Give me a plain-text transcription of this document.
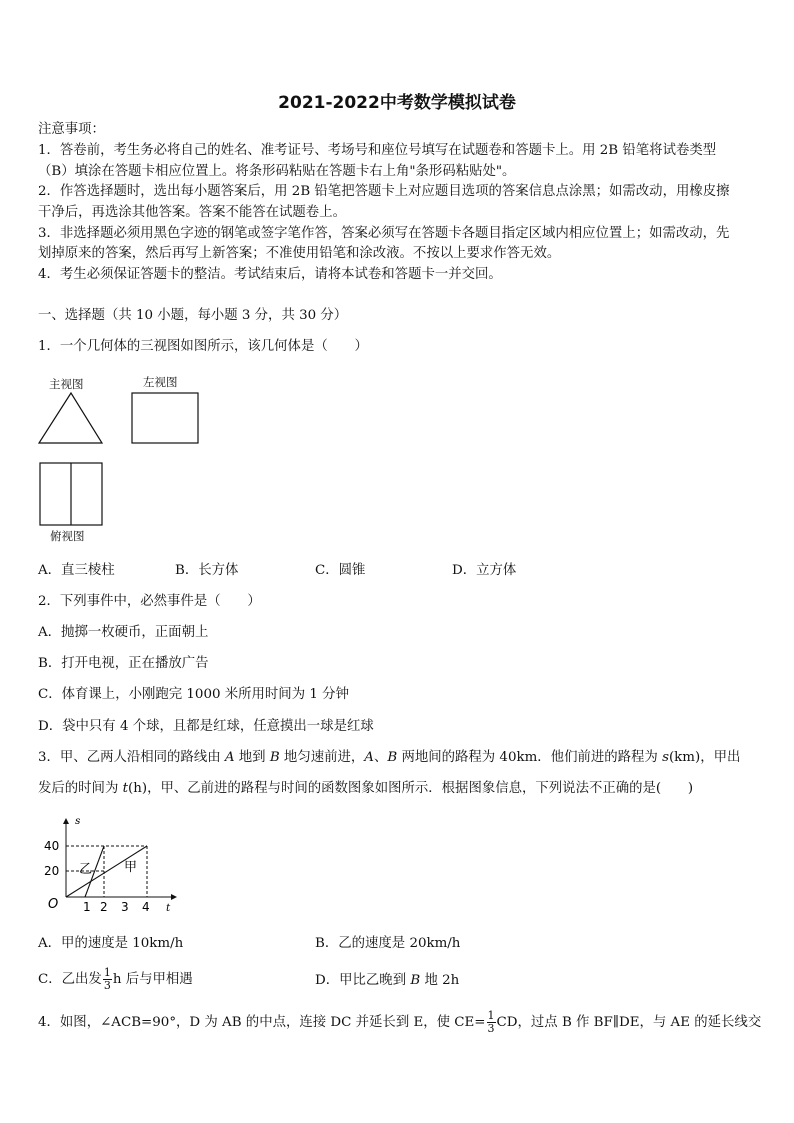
2021-2022中考数学模拟试卷
注意事项：
1．答卷前，考生务必将自己的姓名、准考证号、考场号和座位号填写在试题卷和答题卡上。用 2B 铅笔将试卷类型
（B）填涂在答题卡相应位置上。将条形码粘贴在答题卡右上角"条形码粘贴处"。
2．作答选择题时，选出每小题答案后，用 2B 铅笔把答题卡上对应题目选项的答案信息点涂黑；如需改动，用橡皮擦
干净后，再选涂其他答案。答案不能答在试题卷上。
3．非选择题必须用黑色字迹的钢笔或签字笔作答，答案必须写在答题卡各题目指定区域内相应位置上；如需改动，先
划掉原来的答案，然后再写上新答案；不准使用铅笔和涂改液。不按以上要求作答无效。
4．考生必须保证答题卡的整洁。考试结束后，请将本试卷和答题卡一并交回。
一、选择题（共 10 小题，每小题 3 分，共 30 分）
1．一个几何体的三视图如图所示，该几何体是（　　）
主视图	左视图
俯视图
A．直三棱柱	B．长方体	C．圆锥	D．立方体
2．下列事件中，必然事件是（　　）
A．抛掷一枚硬币，正面朝上
B．打开电视，正在播放广告
C．体育课上，小刚跑完 1000 米所用时间为 1 分钟
D．袋中只有 4 个球，且都是红球，任意摸出一球是红球
3．甲、乙两人沿相同的路线由 A 地到 B 地匀速前进，A、B 两地间的路程为 40km．他们前进的路程为 s(km)，甲出
发后的时间为 t(h)，甲、乙前进的路程与时间的函数图象如图所示．根据图象信息，下列说法不正确的是(　　)
s
t
O
40
20
1 2 3 4
乙 甲
A．甲的速度是 10km/h	B．乙的速度是 20km/h
C．乙出发 $\frac{1}{3}$ h 后与甲相遇	D．甲比乙晚到 B 地 2h
4．如图，∠ACB=90°，D 为 AB 的中点，连接 DC 并延长到 E，使 $CE= \frac{1}{3}$ CD，过点 B 作 BF∥DE，与 AE 的延长线交
